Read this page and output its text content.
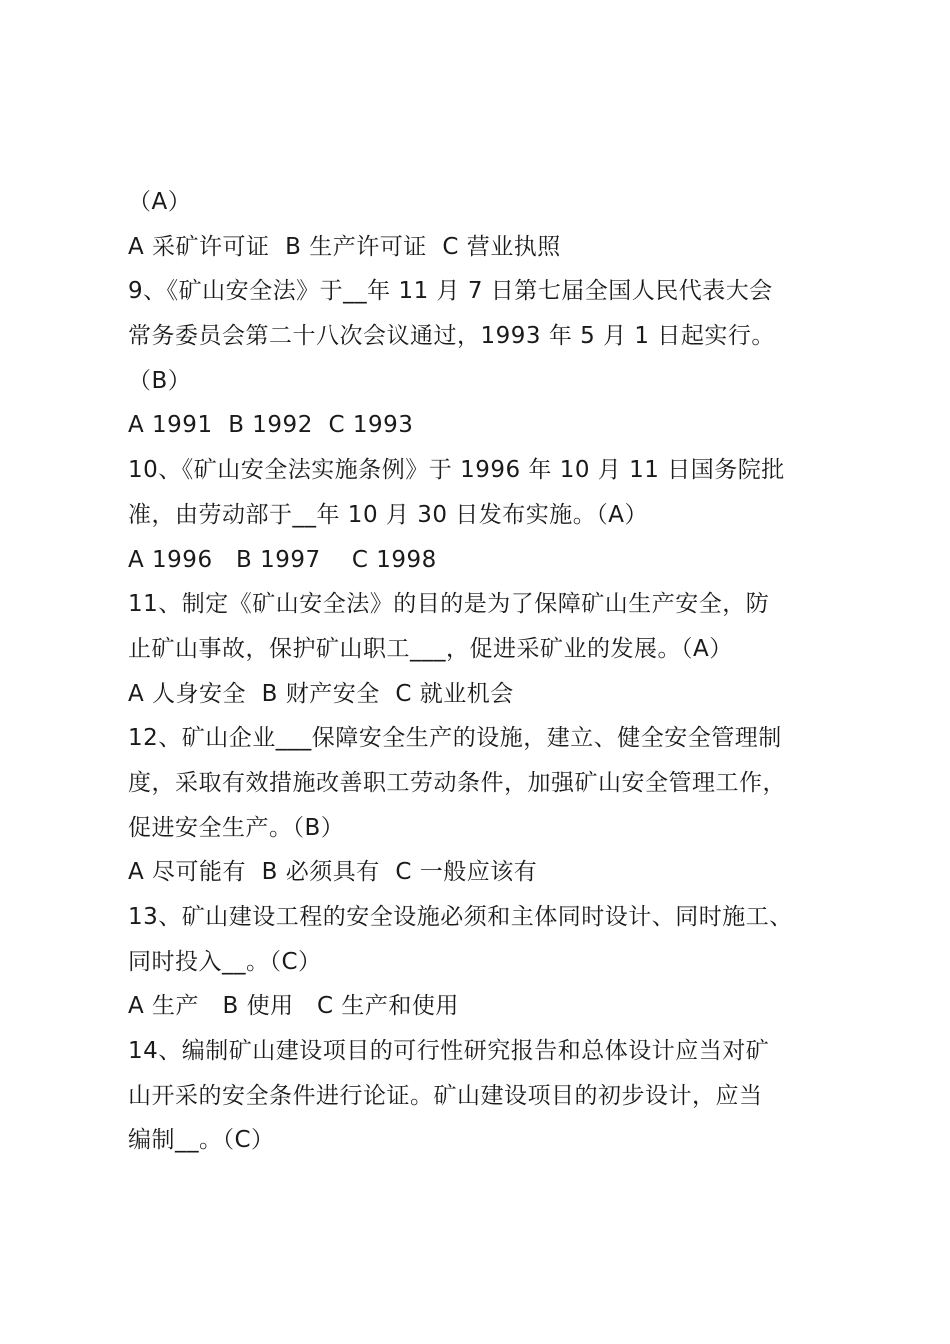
（A）
A 采矿许可证  B 生产许可证  C 营业执照
9、《矿山安全法》于__年 11 月 7 日第七届全国人民代表大会
常务委员会第二十八次会议通过，1993 年 5 月 1 日起实行。
（B）
A 1991  B 1992  C 1993
10、《矿山安全法实施条例》于 1996 年 10 月 11 日国务院批
准，由劳动部于__年 10 月 30 日发布实施。（A）
A 1996   B 1997    C 1998
11、制定《矿山安全法》的目的是为了保障矿山生产安全，防
止矿山事故，保护矿山职工___，促进采矿业的发展。（A）
A 人身安全  B 财产安全  C 就业机会
12、矿山企业___保障安全生产的设施，建立、健全安全管理制
度，采取有效措施改善职工劳动条件，加强矿山安全管理工作，
促进安全生产。（B）
A 尽可能有  B 必须具有  C 一般应该有
13、矿山建设工程的安全设施必须和主体同时设计、同时施工、
同时投入__。（C）
A 生产   B 使用   C 生产和使用
14、编制矿山建设项目的可行性研究报告和总体设计应当对矿
山开采的安全条件进行论证。矿山建设项目的初步设计，应当
编制__。（C）
